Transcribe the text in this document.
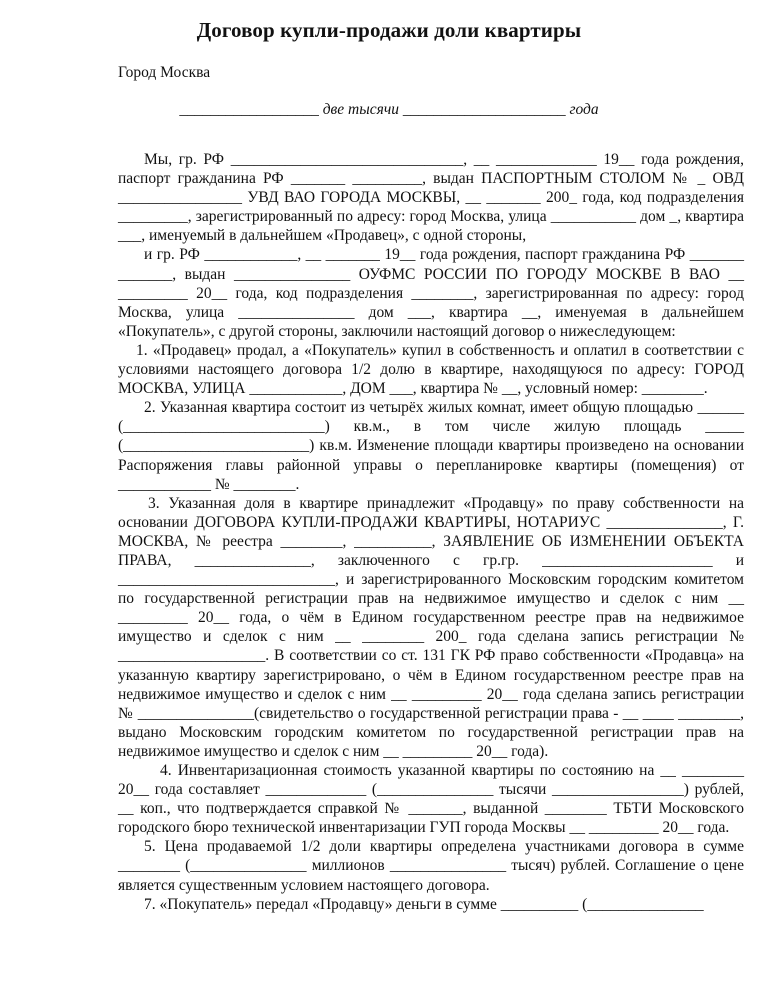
Договор купли-продажи доли квартиры
Город Москва
__________________ две тысячи _____________________ года

Мы, гр. РФ ______________________________, __ _____________ 19__ года рождения, паспорт гражданина РФ _______ _________, выдан ПАСПОРТНЫМ СТОЛОМ № _ ОВД ________________ УВД ВАО ГОРОДА МОСКВЫ, __ _______ 200_ года, код подразделения _________, зарегистрированный по адресу: город Москва, улица ___________ дом _, квартира ___, именуемый в дальнейшем «Продавец», с одной стороны,

и гр. РФ ____________, __ _______ 19__ года рождения, паспорт гражданина РФ _______ _______, выдан _______________ ОУФМС РОССИИ ПО ГОРОДУ МОСКВЕ В ВАО __ _________ 20__ года, код подразделения ________, зарегистрированная по адресу: город Москва, улица _______________ дом ___, квартира __, именуемая в дальнейшем «Покупатель», с другой стороны, заключили настоящий договор о нижеследующем:

1. «Продавец» продал, а «Покупатель» купил в собственность и оплатил в соответствии с условиями настоящего договора 1/2 долю в квартире, находящуюся по адресу: ГОРОД МОСКВА, УЛИЦА ____________, ДОМ ___, квартира № __, условный номер: ________.

2. Указанная квартира состоит из четырёх жилых комнат, имеет общую площадью ______ (__________________________) кв.м., в том числе жилую площадь _____ (________________________) кв.м. Изменение площади квартиры произведено на основании Распоряжения главы районной управы о перепланировке квартиры (помещения) от ____________ № ________.

3. Указанная доля в квартире принадлежит «Продавцу» по праву собственности на основании ДОГОВОРА КУПЛИ-ПРОДАЖИ КВАРТИРЫ, НОТАРИУС _______________, Г. МОСКВА, № реестра ________, __________, ЗАЯВЛЕНИЕ ОБ ИЗМЕНЕНИИ ОБЪЕКТА ПРАВА, _______________, заключенного с гр.гр. ______________________ и ____________________________, и зарегистрированного Московским городским комитетом по государственной регистрации прав на недвижимое имущество и сделок с ним __ _________ 20__ года, о чём в Едином государственном реестре прав на недвижимое имущество и сделок с ним __ ________ 200_ года сделана запись регистрации № ___________________. В соответствии со ст. 131 ГК РФ право собственности «Продавца» на указанную квартиру зарегистрировано, о чём в Едином государственном реестре прав на недвижимое имущество и сделок с ним __ _________ 20__ года сделана запись регистрации № _______________(свидетельство о государственной регистрации права - __ ____ ________, выдано Московским городским комитетом по государственной регистрации прав на недвижимое имущество и сделок с ним __ _________ 20__ года).

4. Инвентаризационная стоимость указанной квартиры по состоянию на __ ________ 20__ года составляет _____________ (_______________ тысячи _________________) рублей, __ коп., что подтверждается справкой № _______, выданной ________ ТБТИ Московского городского бюро технической инвентаризации ГУП города Москвы __ _________ 20__ года.

5. Цена продаваемой 1/2 доли квартиры определена участниками договора в сумме ________ (_______________ миллионов _______________ тысяч) рублей. Соглашение о цене является существенным условием настоящего договора.

7. «Покупатель» передал «Продавцу» деньги в сумме __________ (_______________
